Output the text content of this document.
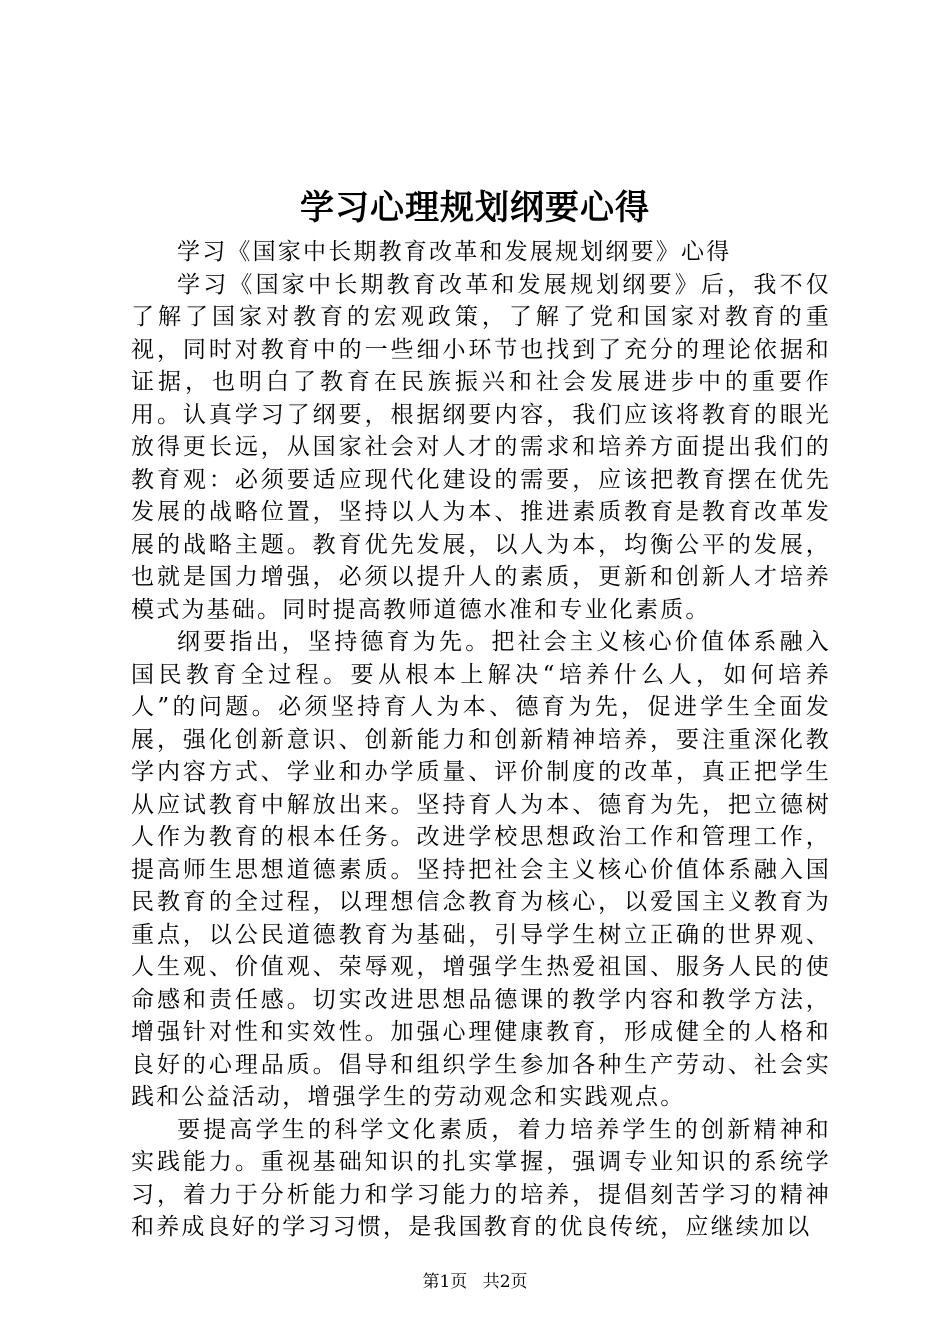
学习心理规划纲要心得

学习《国家中长期教育改革和发展规划纲要》心得

学习《国家中长期教育改革和发展规划纲要》后，我不仅了解了国家对教育的宏观政策，了解了党和国家对教育的重视，同时对教育中的一些细小环节也找到了充分的理论依据和证据，也明白了教育在民族振兴和社会发展进步中的重要作用。认真学习了纲要，根据纲要内容，我们应该将教育的眼光放得更长远，从国家社会对人才的需求和培养方面提出我们的教育观：必须要适应现代化建设的需要，应该把教育摆在优先发展的战略位置，坚持以人为本、推进素质教育是教育改革发展的战略主题。教育优先发展，以人为本，均衡公平的发展，也就是国力增强，必须以提升人的素质，更新和创新人才培养模式为基础。同时提高教师道德水准和专业化素质。

纲要指出，坚持德育为先。把社会主义核心价值体系融入国民教育全过程。要从根本上解决“培养什么人，如何培养人”的问题。必须坚持育人为本、德育为先，促进学生全面发展，强化创新意识、创新能力和创新精神培养，要注重深化教学内容方式、学业和办学质量、评价制度的改革，真正把学生从应试教育中解放出来。坚持育人为本、德育为先，把立德树人作为教育的根本任务。改进学校思想政治工作和管理工作，提高师生思想道德素质。坚持把社会主义核心价值体系融入国民教育的全过程，以理想信念教育为核心，以爱国主义教育为重点，以公民道德教育为基础，引导学生树立正确的世界观、人生观、价值观、荣辱观，增强学生热爱祖国、服务人民的使命感和责任感。切实改进思想品德课的教学内容和教学方法，增强针对性和实效性。加强心理健康教育，形成健全的人格和良好的心理品质。倡导和组织学生参加各种生产劳动、社会实践和公益活动，增强学生的劳动观念和实践观点。

要提高学生的科学文化素质，着力培养学生的创新精神和实践能力。重视基础知识的扎实掌握，强调专业知识的系统学习，着力于分析能力和学习能力的培养，提倡刻苦学习的精神和养成良好的学习习惯，是我国教育的优良传统，应继续加以

第1页 共2页
